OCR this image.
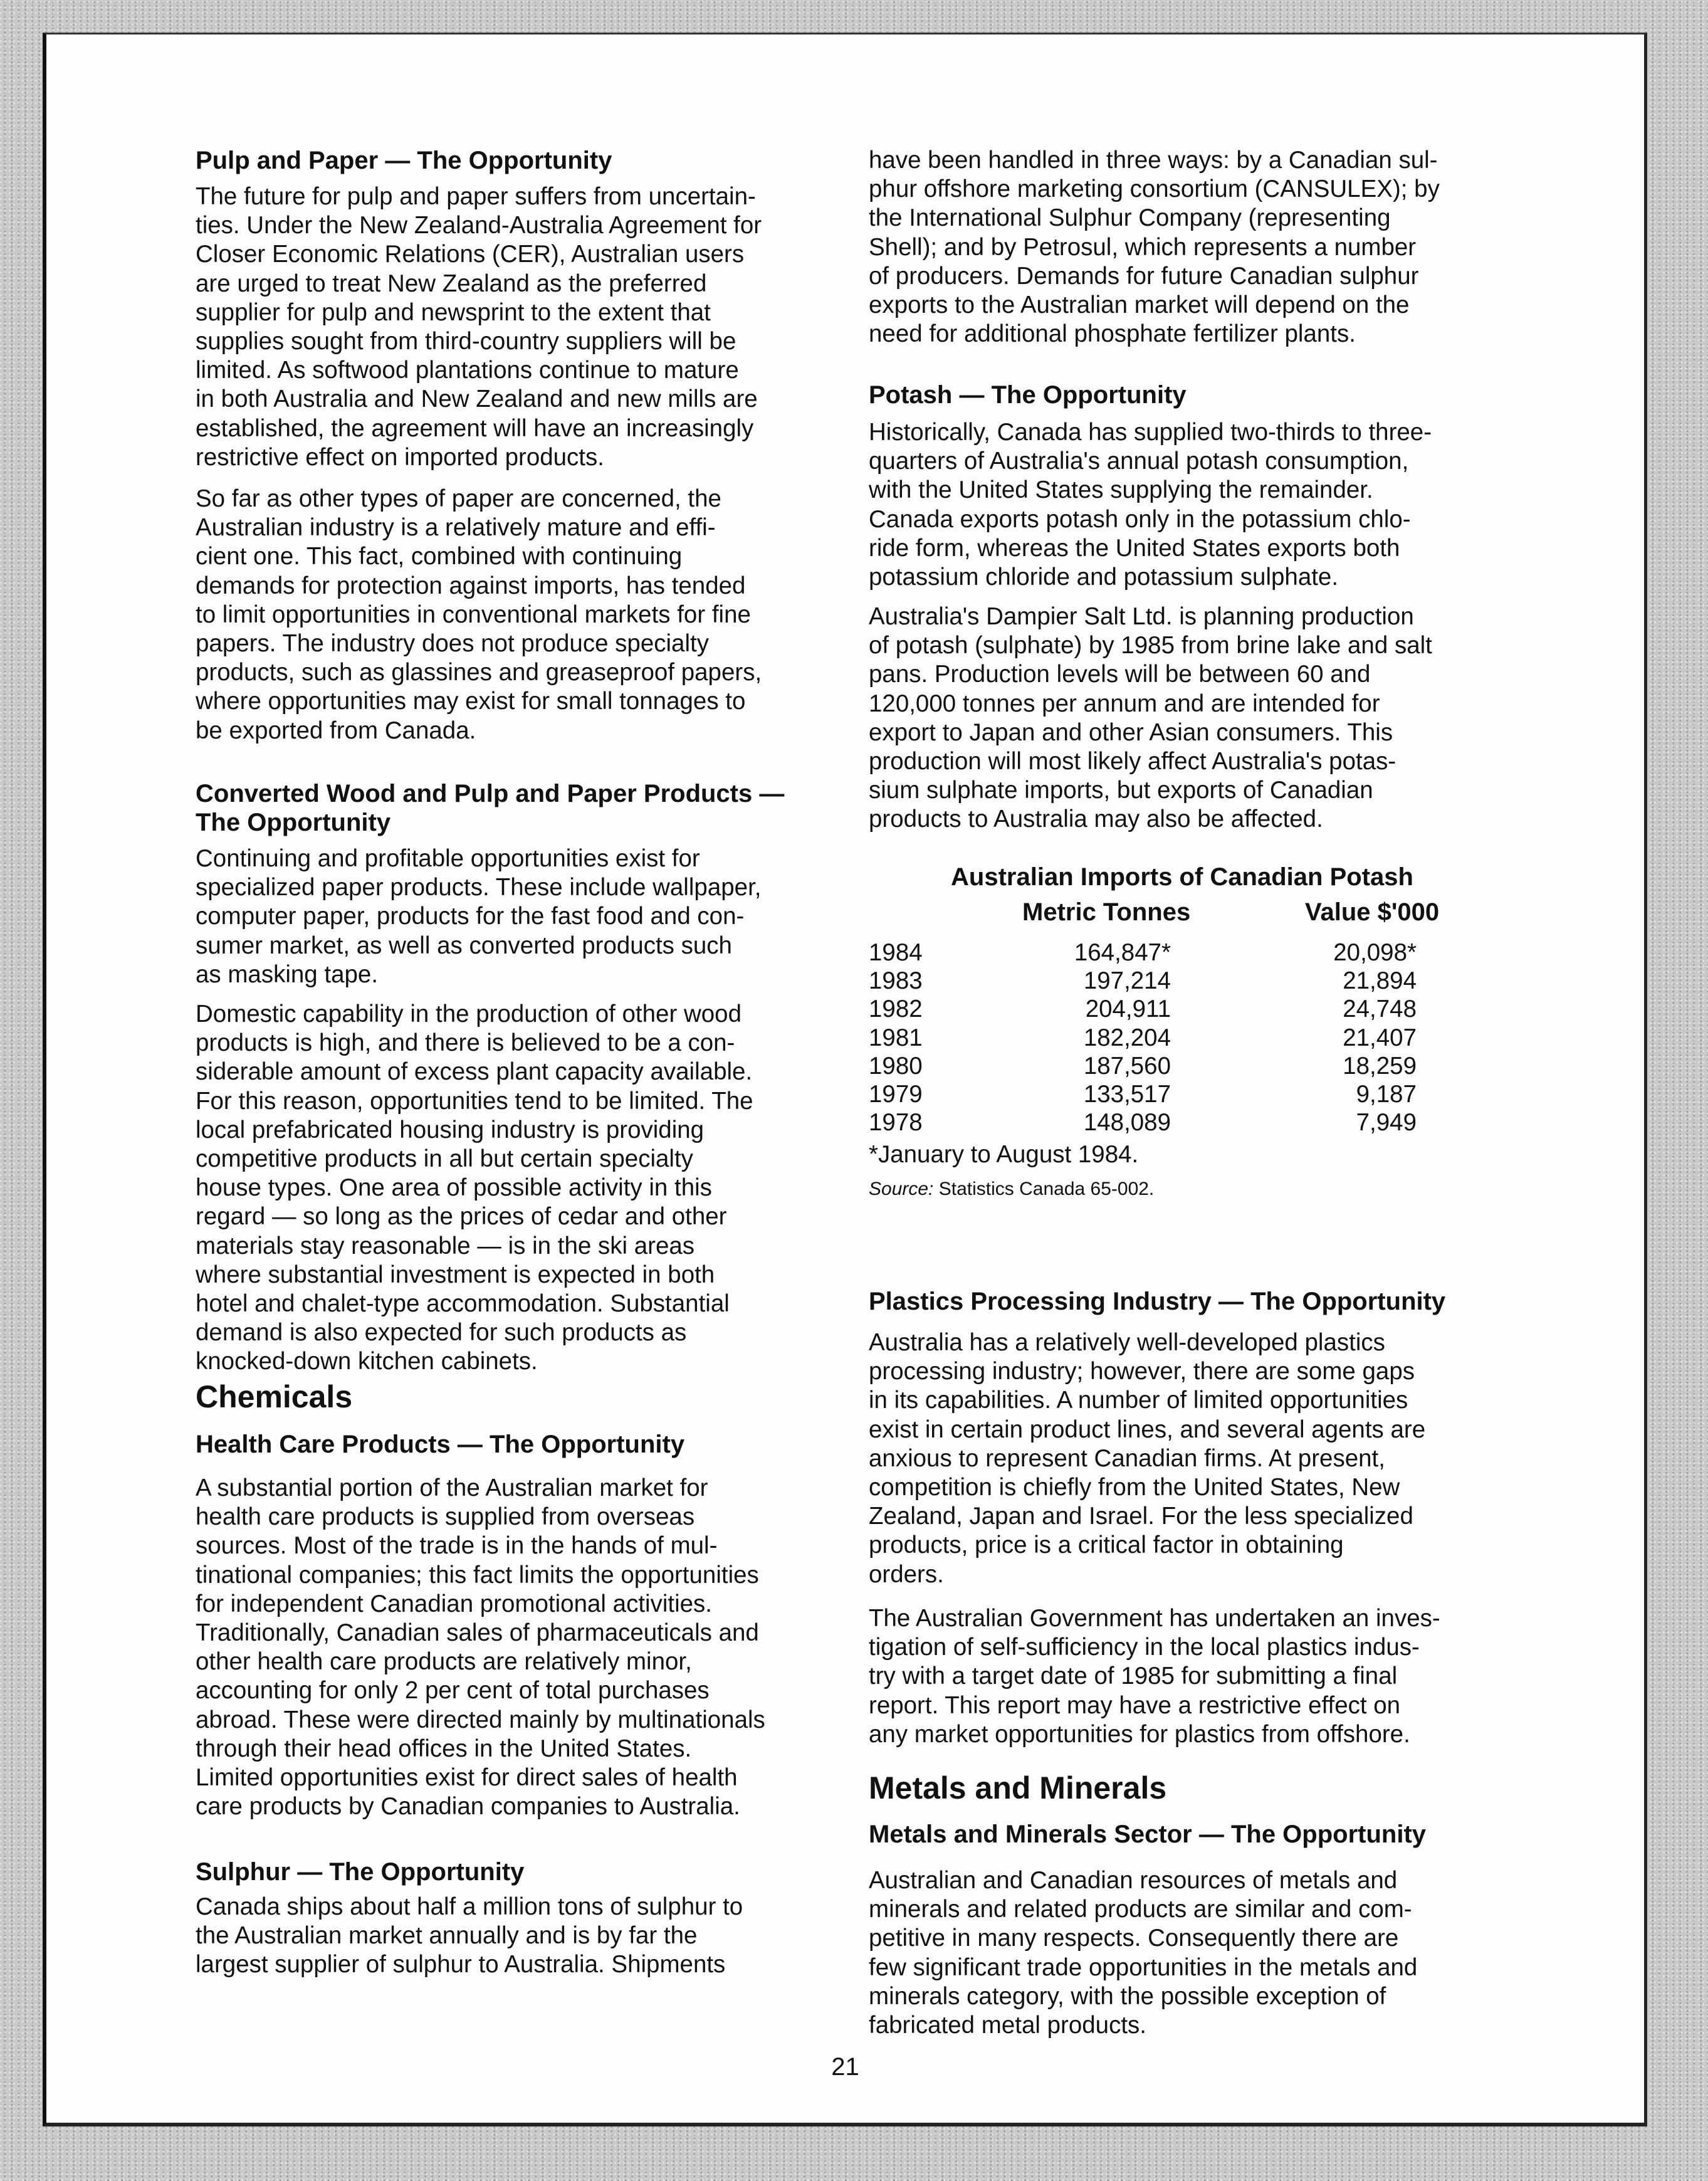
Pulp and Paper — The Opportunity

The future for pulp and paper suffers from uncertain-
ties. Under the New Zealand-Australia Agreement for
Closer Economic Relations (CER), Australian users
are urged to treat New Zealand as the preferred
supplier for pulp and newsprint to the extent that
supplies sought from third-country suppliers will be
limited. As softwood plantations continue to mature
in both Australia and New Zealand and new mills are
established, the agreement will have an increasingly
restrictive effect on imported products.

So far as other types of paper are concerned, the
Australian industry is a relatively mature and effi-
cient one. This fact, combined with continuing
demands for protection against imports, has tended
to limit opportunities in conventional markets for fine
papers. The industry does not produce specialty
products, such as glassines and greaseproof papers,
where opportunities may exist for small tonnages to
be exported from Canada.

Converted Wood and Pulp and Paper Products —
The Opportunity

Continuing and profitable opportunities exist for
specialized paper products. These include wallpaper,
computer paper, products for the fast food and con-
sumer market, as well as converted products such
as masking tape.

Domestic capability in the production of other wood
products is high, and there is believed to be a con-
siderable amount of excess plant capacity available.
For this reason, opportunities tend to be limited. The
local prefabricated housing industry is providing
competitive products in all but certain specialty
house types. One area of possible activity in this
regard — so long as the prices of cedar and other
materials stay reasonable — is in the ski areas
where substantial investment is expected in both
hotel and chalet-type accommodation. Substantial
demand is also expected for such products as
knocked-down kitchen cabinets.

Chemicals
Health Care Products — The Opportunity

A substantial portion of the Australian market for
health care products is supplied from overseas
sources. Most of the trade is in the hands of mul-
tinational companies; this fact limits the opportunities
for independent Canadian promotional activities.
Traditionally, Canadian sales of pharmaceuticals and
other health care products are relatively minor,
accounting for only 2 per cent of total purchases
abroad. These were directed mainly by multinationals
through their head offices in the United States.
Limited opportunities exist for direct sales of health
care products by Canadian companies to Australia.

Sulphur — The Opportunity

Canada ships about half a million tons of sulphur to
the Australian market annually and is by far the
largest supplier of sulphur to Australia. Shipments

have been handled in three ways: by a Canadian sul-
phur offshore marketing consortium (CANSULEX); by
the International Sulphur Company (representing
Shell); and by Petrosul, which represents a number
of producers. Demands for future Canadian sulphur
exports to the Australian market will depend on the
need for additional phosphate fertilizer plants.

Potash — The Opportunity

Historically, Canada has supplied two-thirds to three-
quarters of Australia's annual potash consumption,
with the United States supplying the remainder.
Canada exports potash only in the potassium chlo-
ride form, whereas the United States exports both
potassium chloride and potassium sulphate.

Australia's Dampier Salt Ltd. is planning production
of potash (sulphate) by 1985 from brine lake and salt
pans. Production levels will be between 60 and
120,000 tonnes per annum and are intended for
export to Japan and other Asian consumers. This
production will most likely affect Australia's potas-
sium sulphate imports, but exports of Canadian
products to Australia may also be affected.

Australian Imports of Canadian Potash
Metric Tonnes	Value $'000
1984	164,847*	20,098*
1983	197,214	21,894
1982	204,911	24,748
1981	182,204	21,407
1980	187,560	18,259
1979	133,517	9,187
1978	148,089	7,949
*January to August 1984.
Source: Statistics Canada 65-002.
Plastics Processing Industry — The Opportunity

Australia has a relatively well-developed plastics
processing industry; however, there are some gaps
in its capabilities. A number of limited opportunities
exist in certain product lines, and several agents are
anxious to represent Canadian firms. At present,
competition is chiefly from the United States, New
Zealand, Japan and Israel. For the less specialized
products, price is a critical factor in obtaining
orders.

The Australian Government has undertaken an inves-
tigation of self-sufficiency in the local plastics indus-
try with a target date of 1985 for submitting a final
report. This report may have a restrictive effect on
any market opportunities for plastics from offshore.

Metals and Minerals
Metals and Minerals Sector — The Opportunity

Australian and Canadian resources of metals and
minerals and related products are similar and com-
petitive in many respects. Consequently there are
few significant trade opportunities in the metals and
minerals category, with the possible exception of
fabricated metal products.

21
